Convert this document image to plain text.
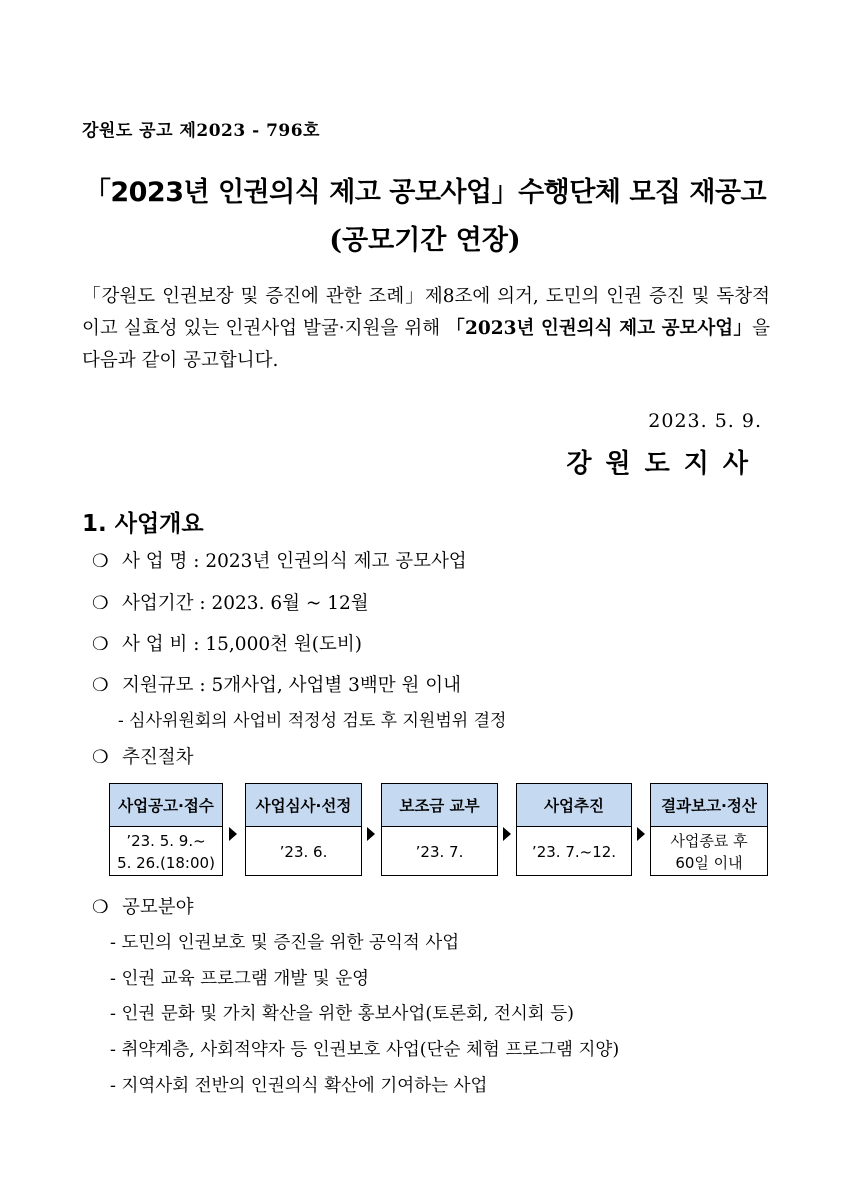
강원도 공고 제2023 - 796호
「2023년 인권의식 제고 공모사업」수행단체 모집 재공고
(공모기간 연장)
「강원도 인권보장 및 증진에 관한 조례」제8조에 의거, 도민의 인권 증진 및 독창적이고 실효성 있는 인권사업 발굴·지원을 위해 「2023년 인권의식 제고 공모사업」을 다음과 같이 공고합니다.
2023. 5. 9.
강원도지사
1. 사업개요
❍ 사 업 명 : 2023년 인권의식 제고 공모사업
❍ 사업기간 : 2023. 6월 ~ 12월
❍ 사 업 비 : 15,000천 원(도비)
❍ 지원규모 : 5개사업, 사업별 3백만 원 이내
- 심사위원회의 사업비 적정성 검토 후 지원범위 결정
❍ 추진절차
사업공고·접수
’23. 5. 9.~
5. 26.(18:00)
사업심사·선정
’23. 6.
보조금 교부
’23. 7.
사업추진
’23. 7.~12.
결과보고·정산
사업종료 후
60일 이내
❍ 공모분야
- 도민의 인권보호 및 증진을 위한 공익적 사업
- 인권 교육 프로그램 개발 및 운영
- 인권 문화 및 가치 확산을 위한 홍보사업(토론회, 전시회 등)
- 취약계층, 사회적약자 등 인권보호 사업(단순 체험 프로그램 지양)
- 지역사회 전반의 인권의식 확산에 기여하는 사업
